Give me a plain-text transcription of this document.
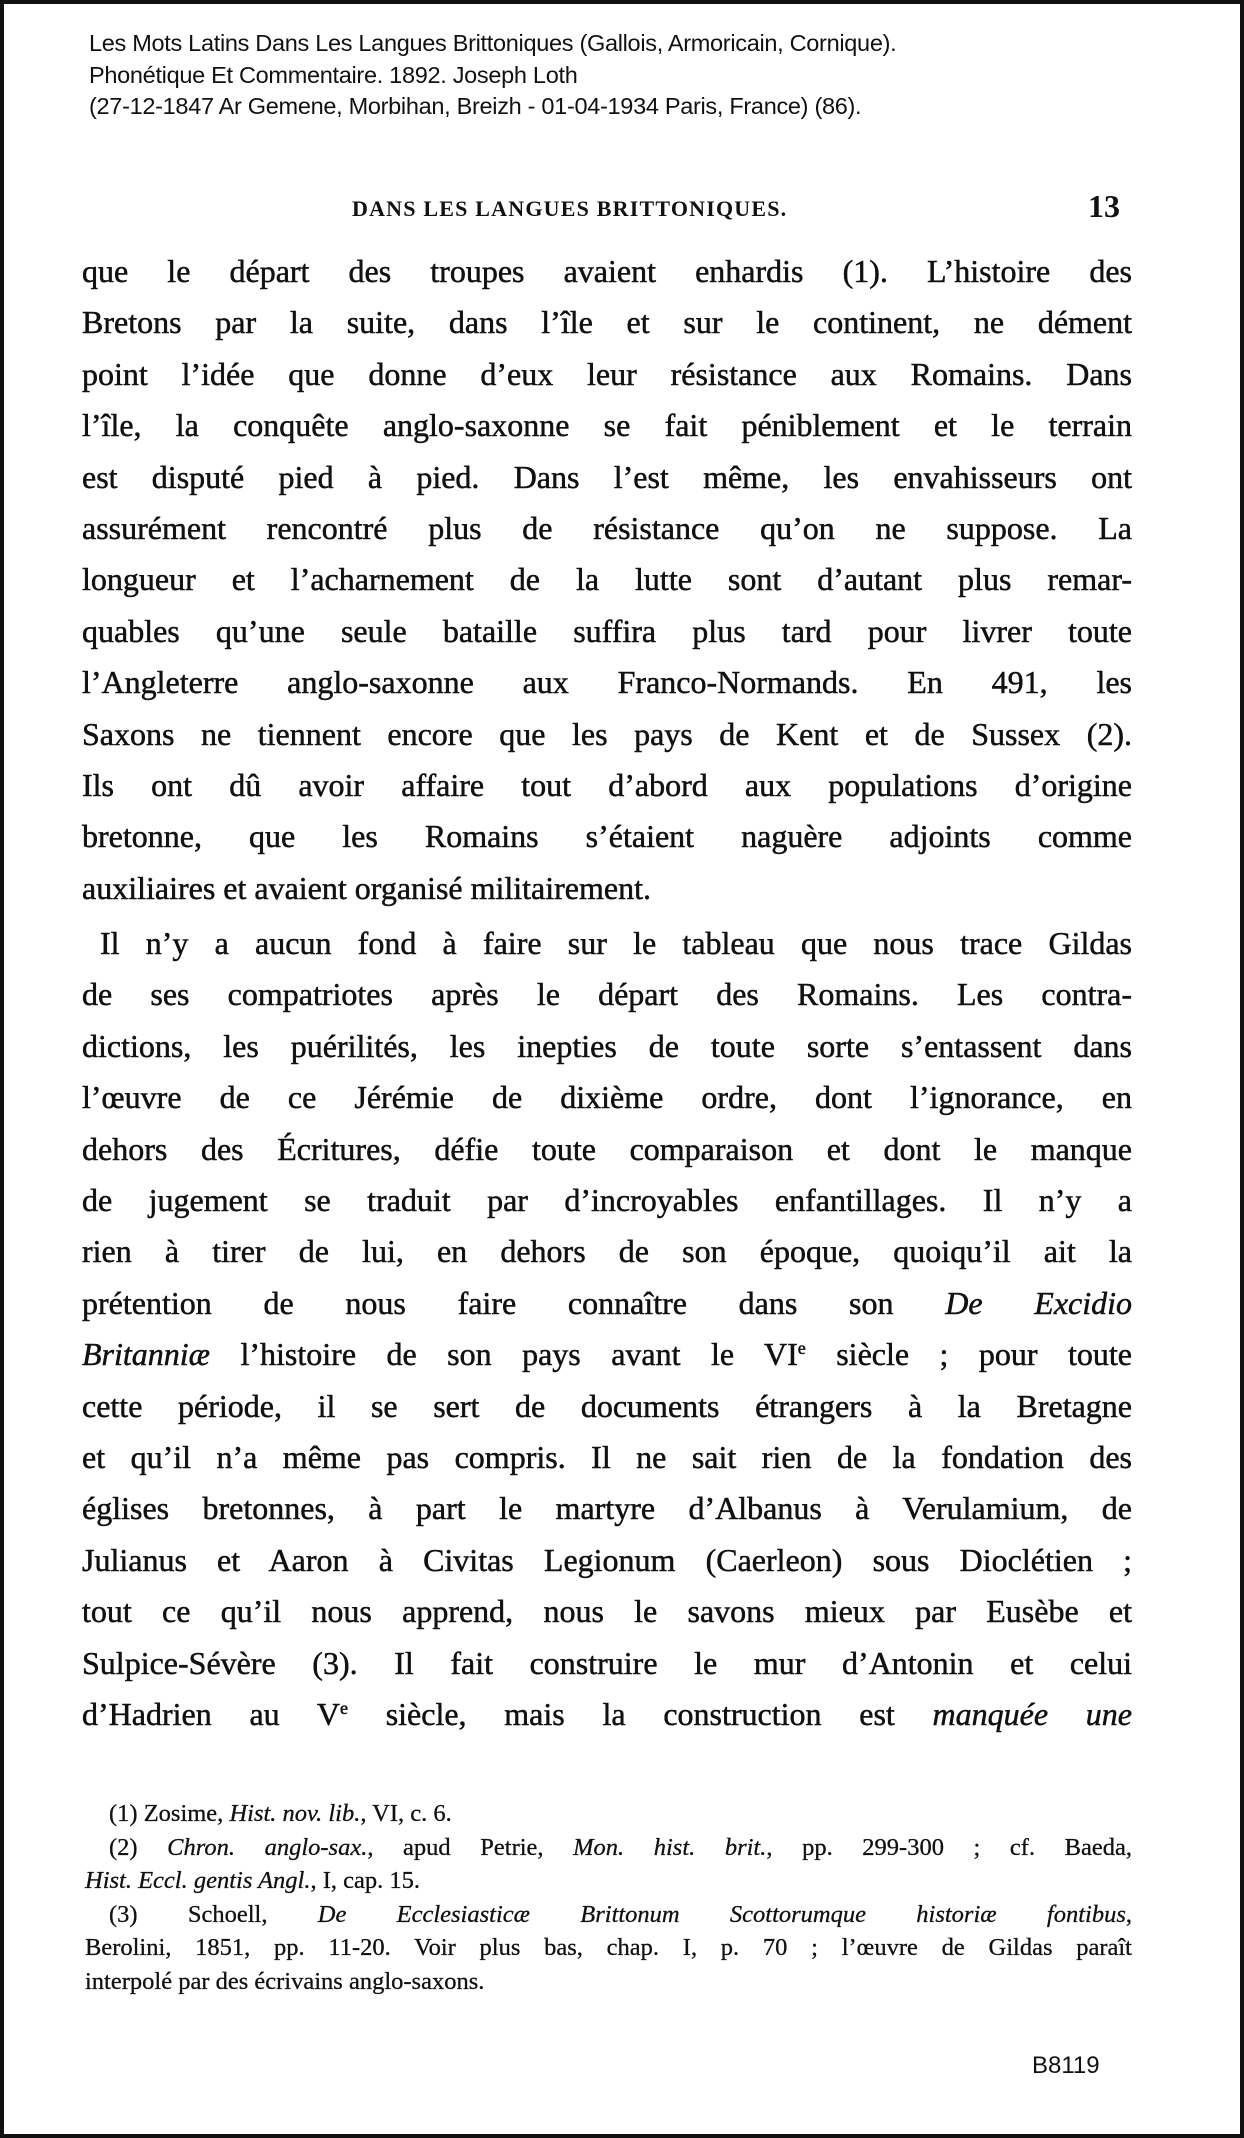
Les Mots Latins Dans Les Langues Brittoniques (Gallois, Armoricain, Cornique).
Phonétique Et Commentaire. 1892. Joseph Loth
(27-12-1847 Ar Gemene, Morbihan, Breizh - 01-04-1934 Paris, France) (86).
DANS LES LANGUES BRITTONIQUES.	13
que le départ des troupes avaient enhardis (1). L’histoire des
Bretons par la suite, dans l’île et sur le continent, ne dément
point l’idée que donne d’eux leur résistance aux Romains. Dans
l’île, la conquête anglo-saxonne se fait péniblement et le terrain
est disputé pied à pied. Dans l’est même, les envahisseurs ont
assurément rencontré plus de résistance qu’on ne suppose. La
longueur et l’acharnement de la lutte sont d’autant plus remar-
quables qu’une seule bataille suffira plus tard pour livrer toute
l’Angleterre anglo-saxonne aux Franco-Normands. En 491, les
Saxons ne tiennent encore que les pays de Kent et de Sussex (2).
Ils ont dû avoir affaire tout d’abord aux populations d’origine
bretonne, que les Romains s’étaient naguère adjoints comme
auxiliaires et avaient organisé militairement.
Il n’y a aucun fond à faire sur le tableau que nous trace Gildas
de ses compatriotes après le départ des Romains. Les contra-
dictions, les puérilités, les inepties de toute sorte s’entassent dans
l’œuvre de ce Jérémie de dixième ordre, dont l’ignorance, en
dehors des Écritures, défie toute comparaison et dont le manque
de jugement se traduit par d’incroyables enfantillages. Il n’y a
rien à tirer de lui, en dehors de son époque, quoiqu’il ait la
prétention de nous faire connaître dans son De Excidio
Britanniæ l’histoire de son pays avant le VIe siècle ; pour toute
cette période, il se sert de documents étrangers à la Bretagne
et qu’il n’a même pas compris. Il ne sait rien de la fondation des
églises bretonnes, à part le martyre d’Albanus à Verulamium, de
Julianus et Aaron à Civitas Legionum (Caerleon) sous Dioclétien ;
tout ce qu’il nous apprend, nous le savons mieux par Eusèbe et
Sulpice-Sévère (3). Il fait construire le mur d’Antonin et celui
d’Hadrien au Ve siècle, mais la construction est manquée une
(1) Zosime, Hist. nov. lib., VI, c. 6.
(2) Chron. anglo-sax., apud Petrie, Mon. hist. brit., pp. 299-300 ; cf. Baeda,
Hist. Eccl. gentis Angl., I, cap. 15.
(3) Schoell, De Ecclesiasticæ Brittonum Scottorumque historiæ fontibus,
Berolini, 1851, pp. 11-20. Voir plus bas, chap. I, p. 70 ; l’œuvre de Gildas paraît
interpolé par des écrivains anglo-saxons.
B8119
